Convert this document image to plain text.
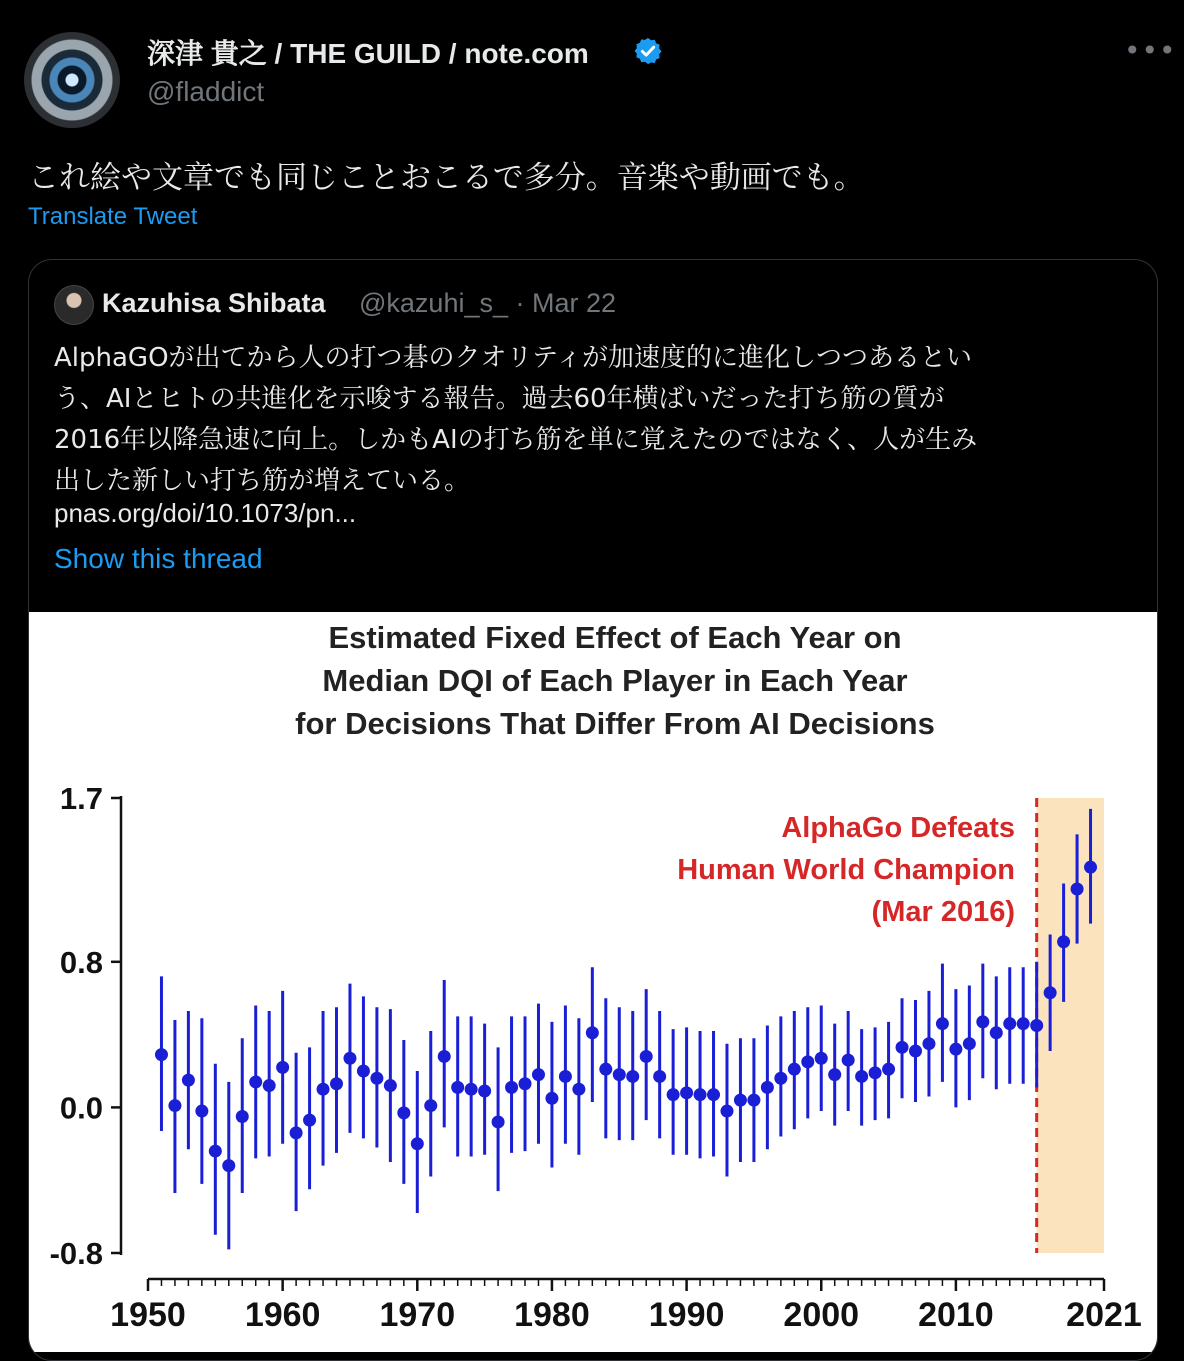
深津 貴之 / THE GUILD / note.com
@fladdict
•••
これ絵や文章でも同じことおこるで多分。音楽や動画でも。
Translate Tweet
Kazuhisa Shibata @kazuhi_s_ · Mar 22
AlphaGOが出てから人の打つ碁のクオリティが加速度的に進化しつつあるとい
う、AIとヒトの共進化を示唆する報告。過去60年横ばいだった打ち筋の質が
2016年以降急速に向上。しかもAIの打ち筋を単に覚えたのではなく、人が生み
出した新しい打ち筋が増えている。
pnas.org/doi/10.1073/pn...
Show this thread
1.7
0.8
0.0
-0.8
1950 1960 1970 1980 1990 2000 2010 2021
Estimated Fixed Effect of Each Year on
Median DQI of Each Player in Each Year
for Decisions That Differ From AI Decisions
AlphaGo Defeats
Human World Champion
(Mar 2016)
